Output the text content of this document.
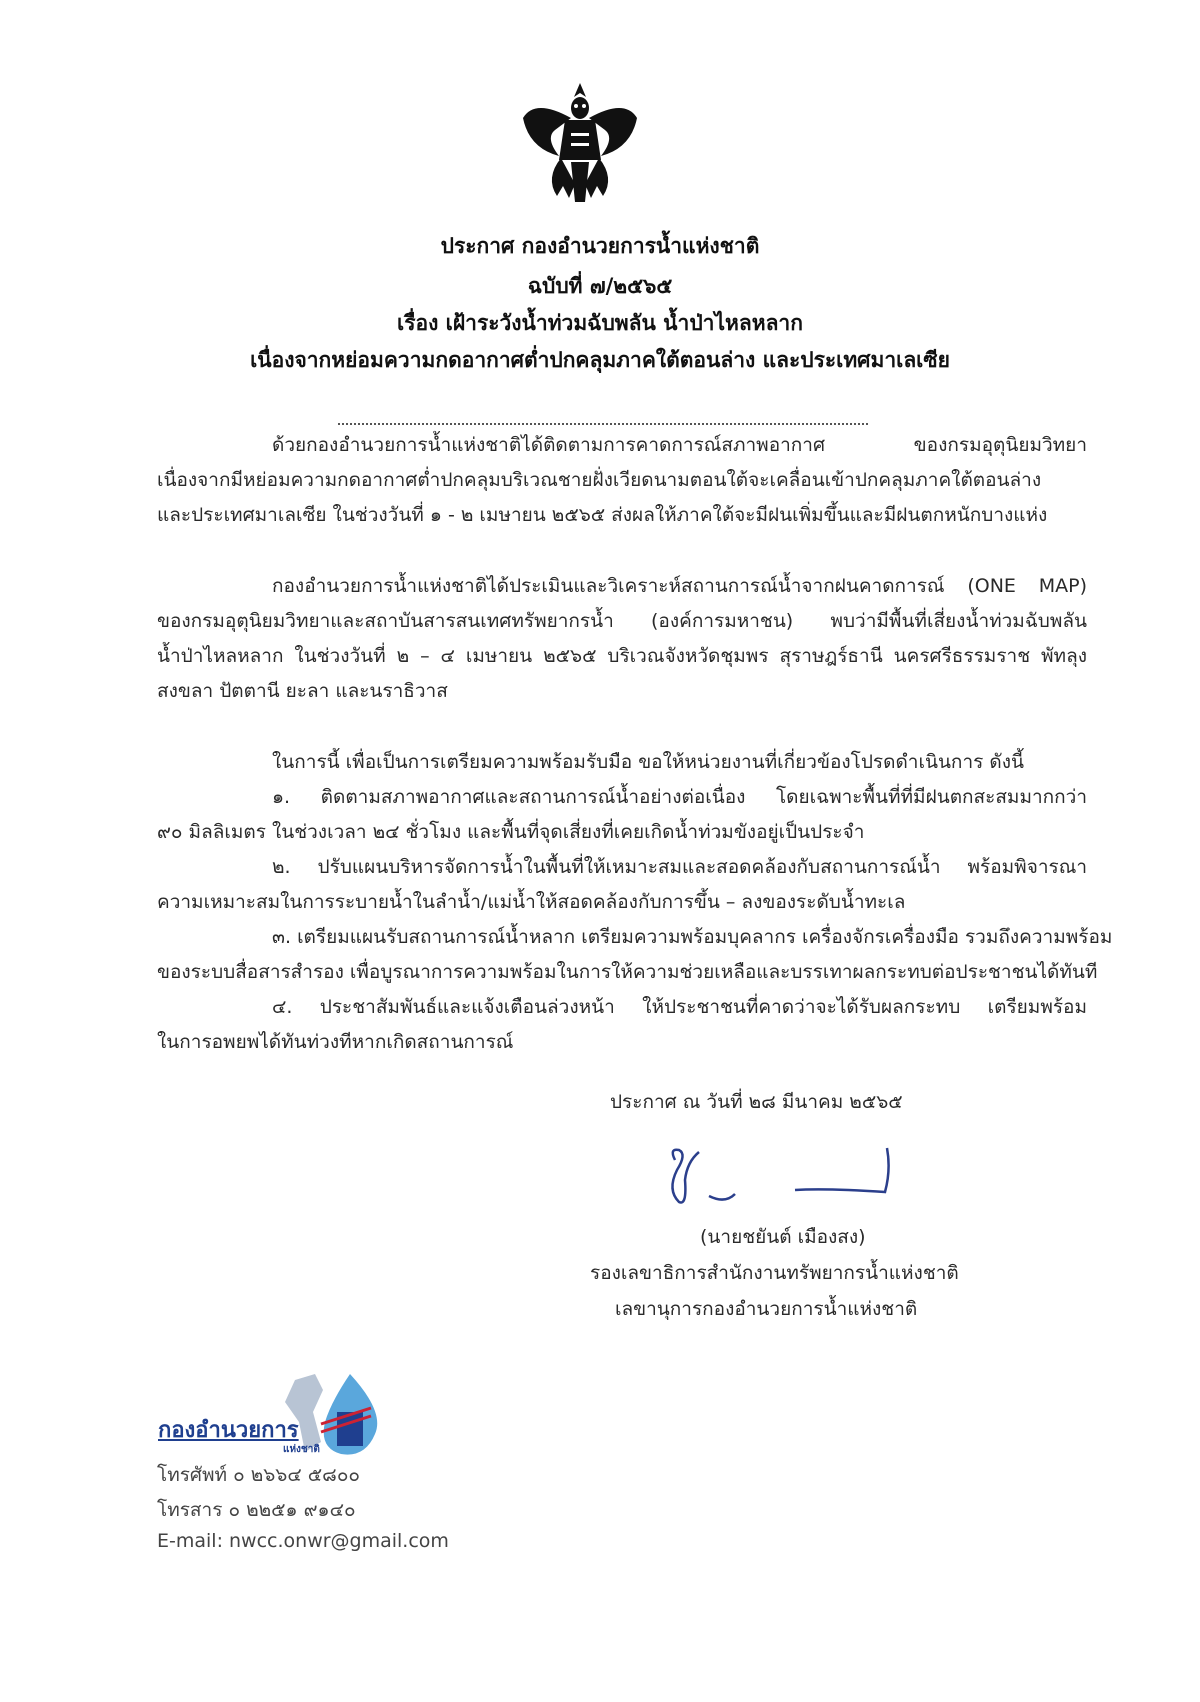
ประกาศ กองอำนวยการน้ำแห่งชาติ
ฉบับที่ ๗/๒๕๖๕
เรื่อง เฝ้าระวังน้ำท่วมฉับพลัน น้ำป่าไหลหลาก
เนื่องจากหย่อมความกดอากาศต่ำปกคลุมภาคใต้ตอนล่าง และประเทศมาเลเซีย
ด้วยกองอำนวยการน้ำแห่งชาติได้ติดตามการคาดการณ์สภาพอากาศ ของกรมอุตุนิยมวิทยา
เนื่องจากมีหย่อมความกดอากาศต่ำปกคลุมบริเวณชายฝั่งเวียดนามตอนใต้จะเคลื่อนเข้าปกคลุมภาคใต้ตอนล่าง
และประเทศมาเลเซีย ในช่วงวันที่ ๑ - ๒ เมษายน ๒๕๖๕ ส่งผลให้ภาคใต้จะมีฝนเพิ่มขึ้นและมีฝนตกหนักบางแห่ง
กองอำนวยการน้ำแห่งชาติได้ประเมินและวิเคราะห์สถานการณ์น้ำจากฝนคาดการณ์ (ONE MAP)
ของกรมอุตุนิยมวิทยาและสถาบันสารสนเทศทรัพยากรน้ำ (องค์การมหาชน) พบว่ามีพื้นที่เสี่ยงน้ำท่วมฉับพลัน
น้ำป่าไหลหลาก ในช่วงวันที่ ๒ – ๔ เมษายน ๒๕๖๕ บริเวณจังหวัดชุมพร สุราษฎร์ธานี นครศรีธรรมราช พัทลุง
สงขลา ปัตตานี ยะลา และนราธิวาส
ในการนี้ เพื่อเป็นการเตรียมความพร้อมรับมือ ขอให้หน่วยงานที่เกี่ยวข้องโปรดดำเนินการ ดังนี้
๑. ติดตามสภาพอากาศและสถานการณ์น้ำอย่างต่อเนื่อง โดยเฉพาะพื้นที่ที่มีฝนตกสะสมมากกว่า
๙๐ มิลลิเมตร ในช่วงเวลา ๒๔ ชั่วโมง และพื้นที่จุดเสี่ยงที่เคยเกิดน้ำท่วมขังอยู่เป็นประจำ
๒. ปรับแผนบริหารจัดการน้ำในพื้นที่ให้เหมาะสมและสอดคล้องกับสถานการณ์น้ำ พร้อมพิจารณา
ความเหมาะสมในการระบายน้ำในลำน้ำ/แม่น้ำให้สอดคล้องกับการขึ้น – ลงของระดับน้ำทะเล
๓. เตรียมแผนรับสถานการณ์น้ำหลาก เตรียมความพร้อมบุคลากร เครื่องจักรเครื่องมือ รวมถึงความพร้อม
ของระบบสื่อสารสำรอง เพื่อบูรณาการความพร้อมในการให้ความช่วยเหลือและบรรเทาผลกระทบต่อประชาชนได้ทันที
๔. ประชาสัมพันธ์และแจ้งเตือนล่วงหน้า ให้ประชาชนที่คาดว่าจะได้รับผลกระทบ เตรียมพร้อม
ในการอพยพได้ทันท่วงทีหากเกิดสถานการณ์
ประกาศ ณ วันที่ ๒๘ มีนาคม ๒๕๖๕
(นายชยันต์ เมืองสง)
รองเลขาธิการสำนักงานทรัพยากรน้ำแห่งชาติ
เลขานุการกองอำนวยการน้ำแห่งชาติ
กองอำนวยการ
แห่งชาติ
โทรศัพท์ ๐ ๒๖๖๔ ๕๘๐๐
โทรสาร ๐ ๒๒๕๑ ๙๑๔๐
E-mail: nwcc.onwr@gmail.com
